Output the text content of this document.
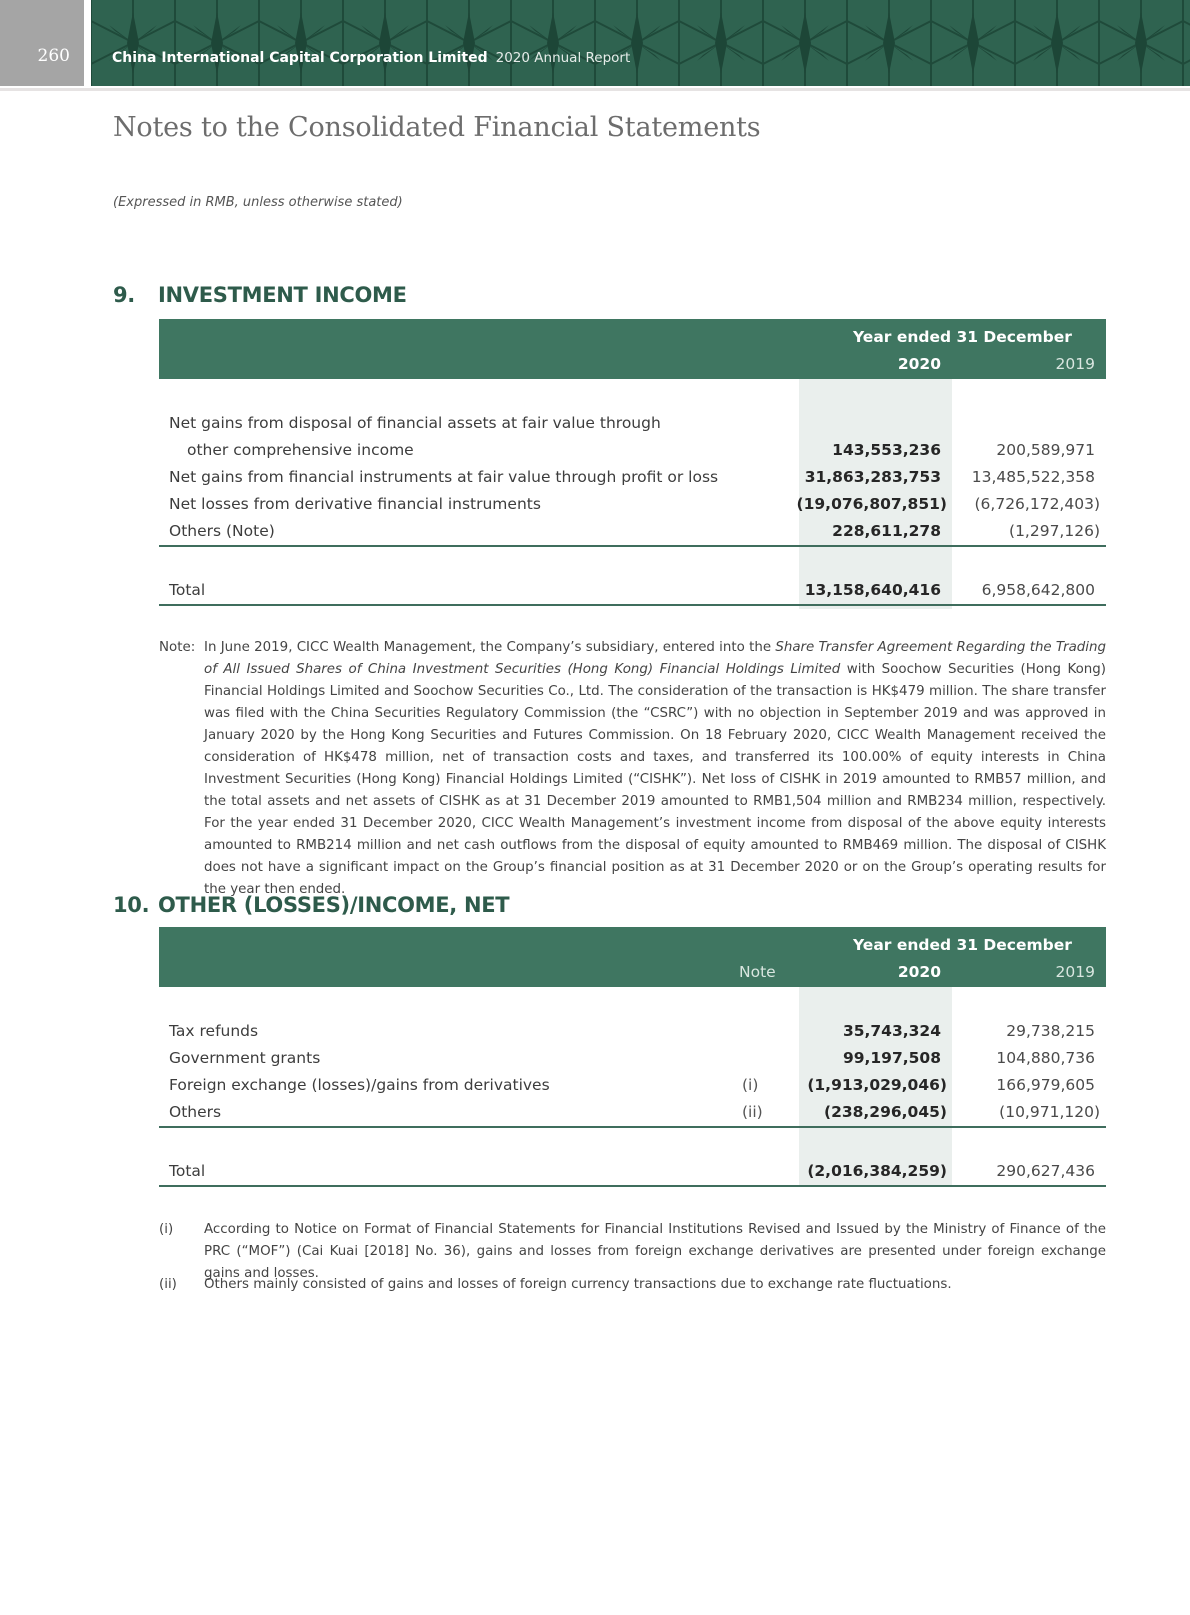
260	China International Capital Corporation Limited 2020 Annual Report
Notes to the Consolidated Financial Statements
(Expressed in RMB, unless otherwise stated)
9. INVESTMENT INCOME
Year ended 31 December
2020	2019
Net gains from disposal of financial assets at fair value through
other comprehensive income	143,553,236	200,589,971
Net gains from financial instruments at fair value through profit or loss	31,863,283,753 13,485,522,358
Net losses from derivative financial instruments	(19,076,807,851) (6,726,172,403)
Others (Note)	228,611,278	(1,297,126)
Total	13,158,640,416	6,958,642,800
Note: In June 2019, CICC Wealth Management, the Company’s subsidiary, entered into the Share Transfer Agreement Regarding the Trading of All Issued Shares of China Investment Securities (Hong Kong) Financial Holdings Limited with Soochow Securities (Hong Kong) Financial Holdings Limited and Soochow Securities Co., Ltd. The consideration of the transaction is HK$479 million. The share transfer was filed with the China Securities Regulatory Commission (the “CSRC”) with no objection in September 2019 and was approved in January 2020 by the Hong Kong Securities and Futures Commission. On 18 February 2020, CICC Wealth Management received the consideration of HK$478 million, net of transaction costs and taxes, and transferred its 100.00% of equity interests in China Investment Securities (Hong Kong) Financial Holdings Limited (“CISHK”). Net loss of CISHK in 2019 amounted to RMB57 million, and the total assets and net assets of CISHK as at 31 December 2019 amounted to RMB1,504 million and RMB234 million, respectively. For the year ended 31 December 2020, CICC Wealth Management’s investment income from disposal of the above equity interests amounted to RMB214 million and net cash outflows from the disposal of equity amounted to RMB469 million. The disposal of CISHK does not have a significant impact on the Group’s financial position as at 31 December 2020 or on the Group’s operating results for the year then ended.
10. OTHER (LOSSES)/INCOME, NET
Year ended 31 December
Note	2020	2019
Tax refunds	35,743,324	29,738,215
Government grants	99,197,508	104,880,736
Foreign exchange (losses)/gains from derivatives	(i)	(1,913,029,046)	166,979,605
Others	(ii)	(238,296,045)	(10,971,120)
Total	(2,016,384,259)	290,627,436
(i) According to Notice on Format of Financial Statements for Financial Institutions Revised and Issued by the Ministry of Finance of the PRC (“MOF”) (Cai Kuai [2018] No. 36), gains and losses from foreign exchange derivatives are presented under foreign exchange gains and losses.
(ii) Others mainly consisted of gains and losses of foreign currency transactions due to exchange rate fluctuations.
